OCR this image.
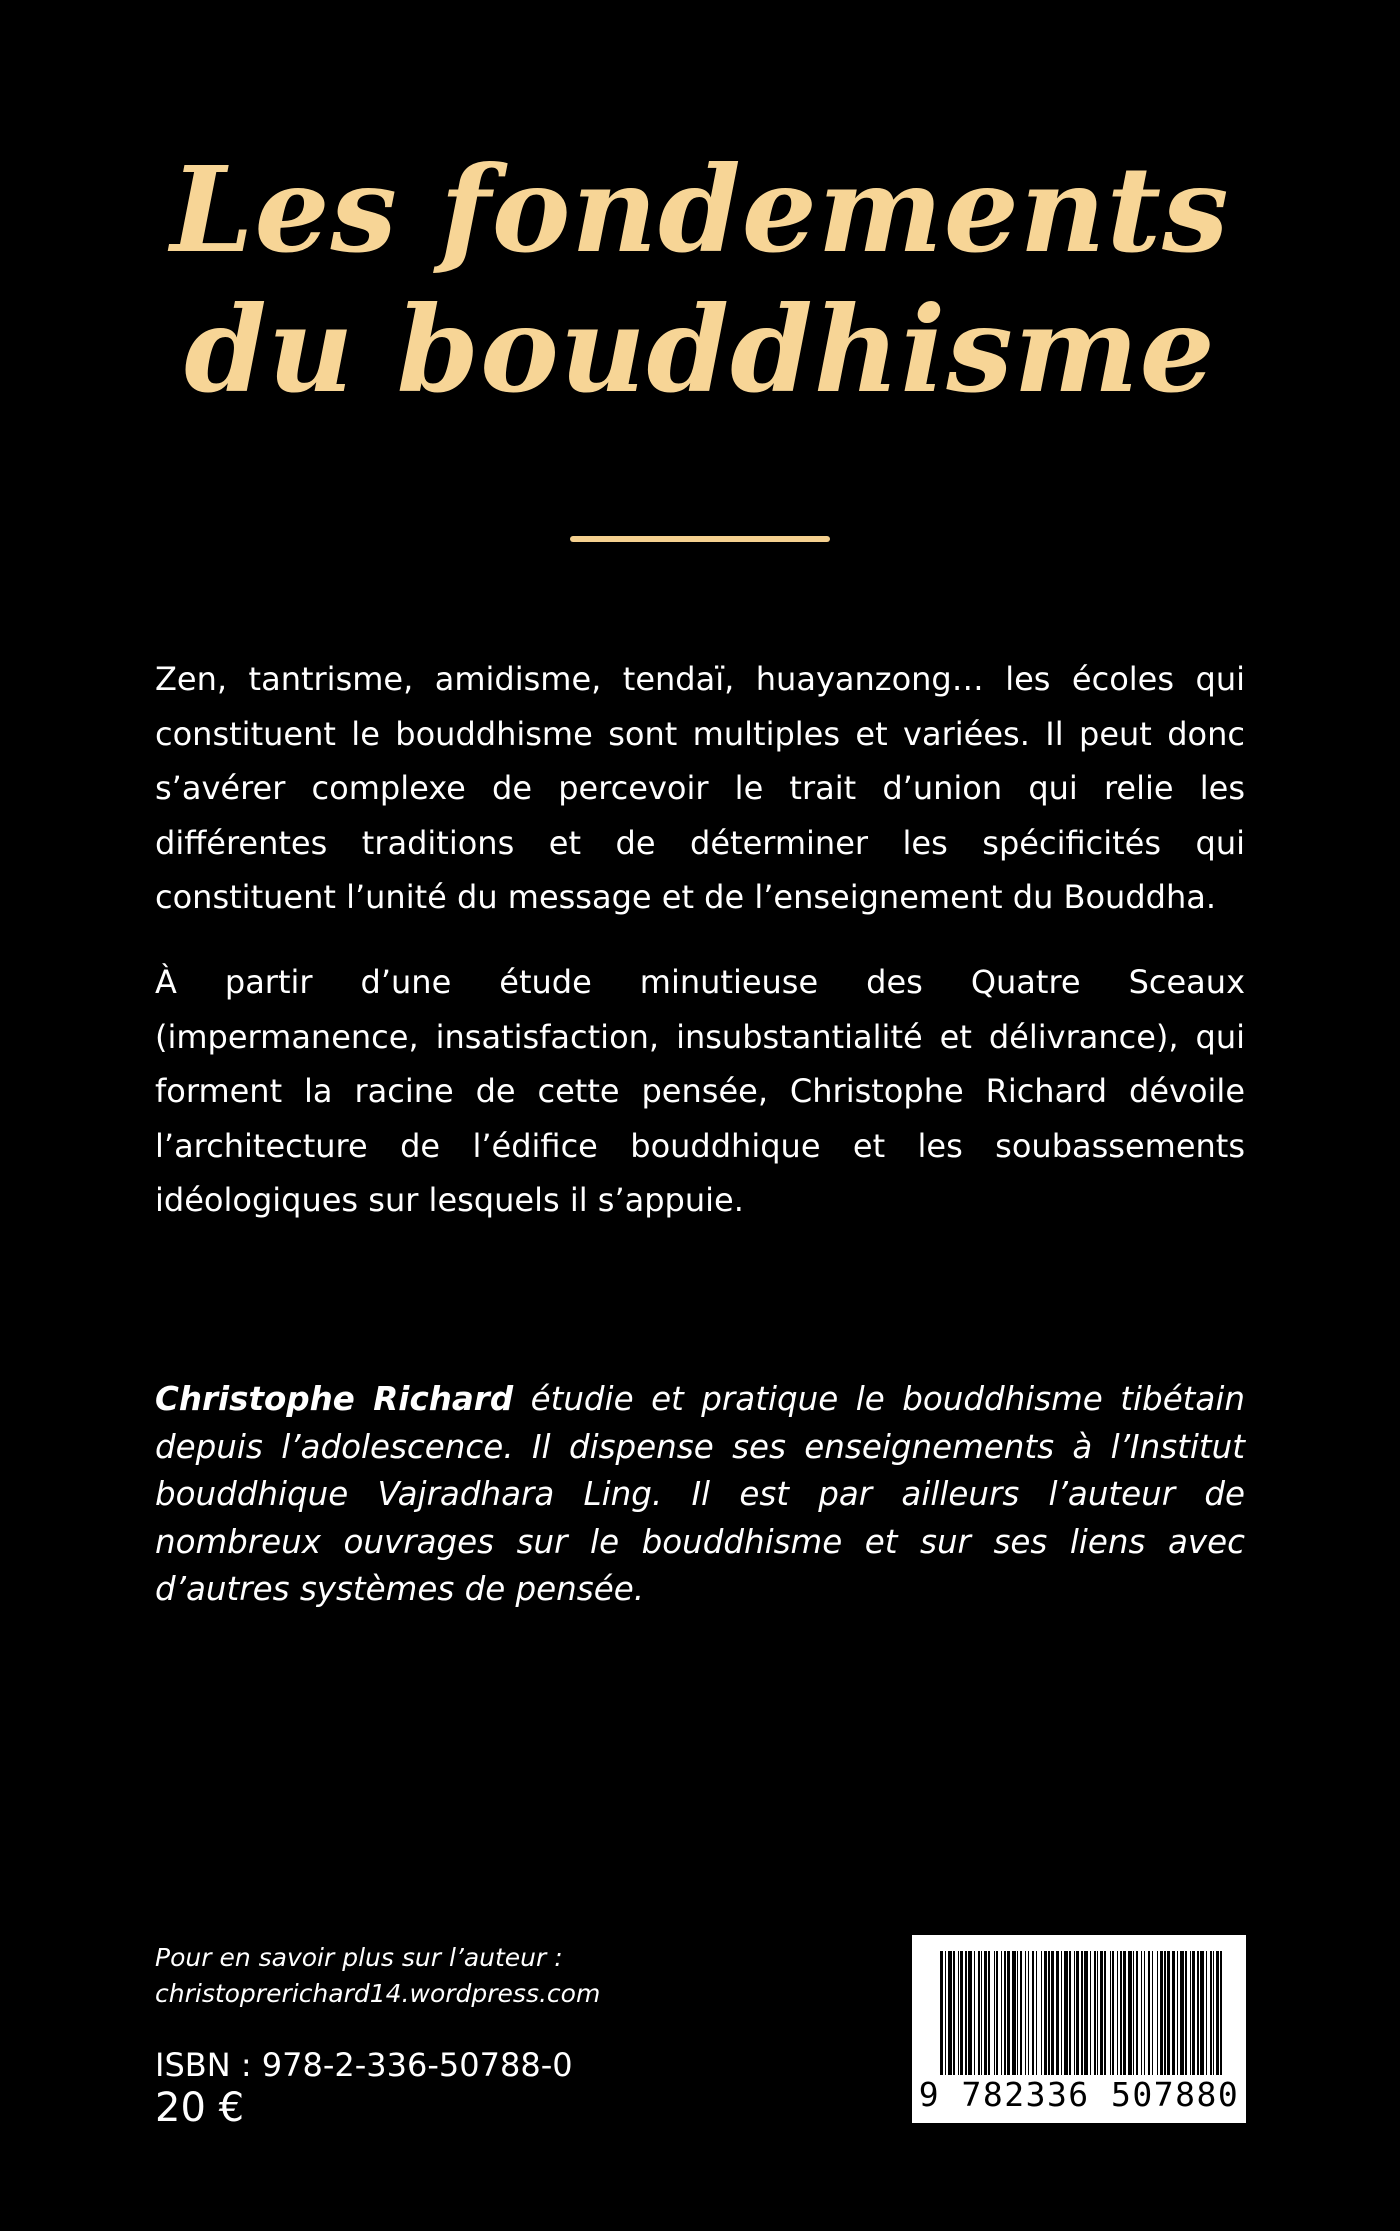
Les fondements
du bouddhisme

Zen, tantrisme, amidisme, tendaï, huayanzong… les écoles qui constituent le bouddhisme sont multiples et variées. Il peut donc s’avérer complexe de percevoir le trait d’union qui relie les différentes traditions et de déterminer les spécificités qui constituent l’unité du message et de l’enseignement du Bouddha.

À partir d’une étude minutieuse des Quatre Sceaux (impermanence, insatisfaction, insubstantialité et délivrance), qui forment la racine de cette pensée, Christophe Richard dévoile l’architecture de l’édifice bouddhique et les soubassements idéologiques sur lesquels il s’appuie.

Christophe Richard étudie et pratique le bouddhisme tibétain depuis l’adolescence. Il dispense ses enseignements à l’Institut bouddhique Vajradhara Ling. Il est par ailleurs l’auteur de nombreux ouvrages sur le bouddhisme et sur ses liens avec d’autres systèmes de pensée.

Pour en savoir plus sur l’auteur :
christoprerichard14.wordpress.com

ISBN : 978-2-336-50788-0

20 €	9 782336 507880
